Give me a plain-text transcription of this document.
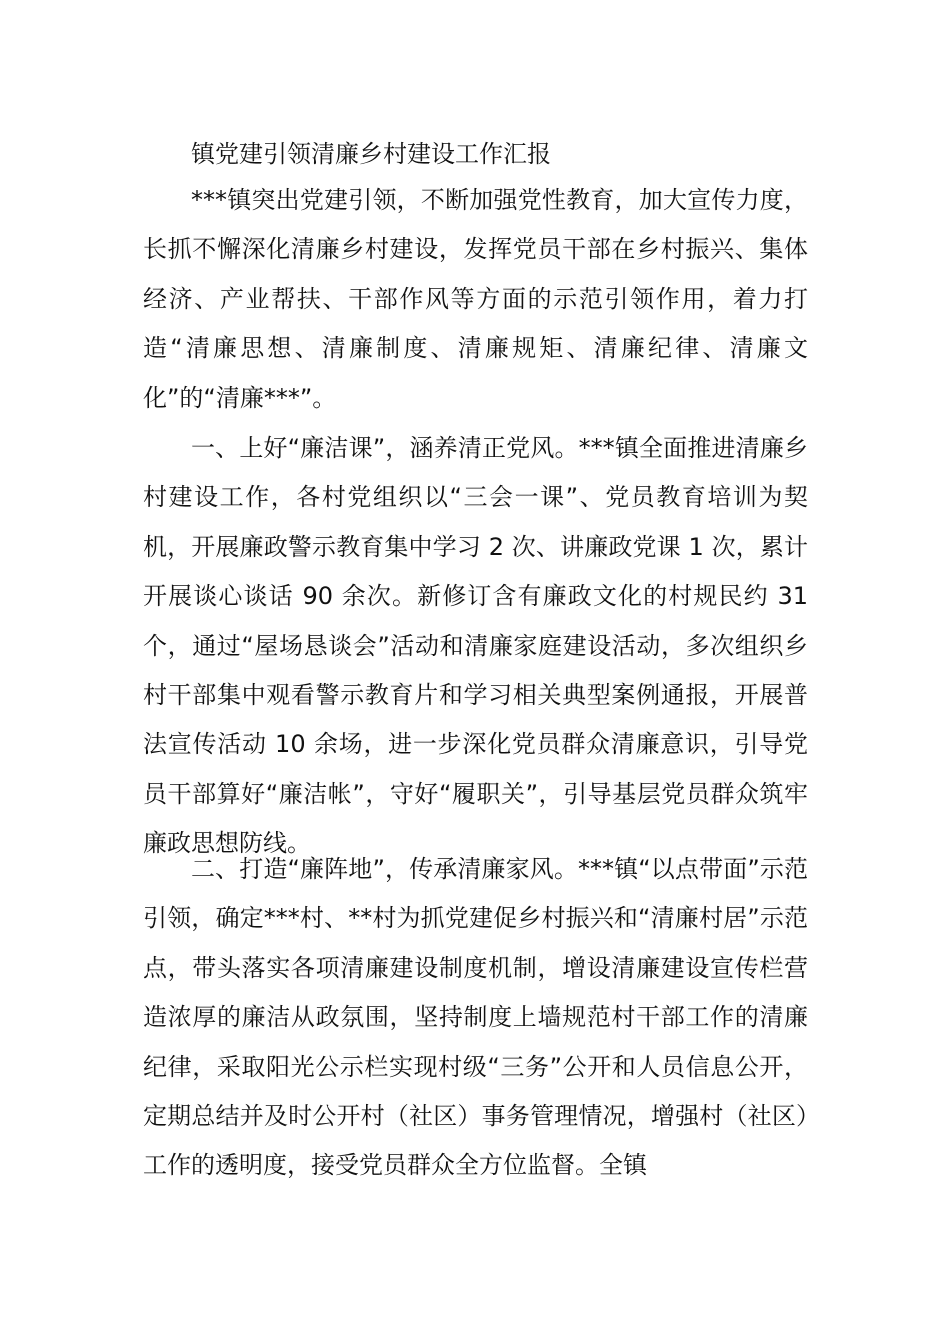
镇党建引领清廉乡村建设工作汇报

***镇突出党建引领，不断加强党性教育，加大宣传力度，长抓不懈深化清廉乡村建设，发挥党员干部在乡村振兴、集体经济、产业帮扶、干部作风等方面的示范引领作用，着力打造“清廉思想、清廉制度、清廉规矩、清廉纪律、清廉文化”的“清廉***”。

一、上好“廉洁课”，涵养清正党风。***镇全面推进清廉乡村建设工作，各村党组织以“三会一课”、党员教育培训为契机，开展廉政警示教育集中学习 2 次、讲廉政党课 1 次，累计开展谈心谈话 90 余次。新修订含有廉政文化的村规民约 31 个，通过“屋场恳谈会”活动和清廉家庭建设活动，多次组织乡村干部集中观看警示教育片和学习相关典型案例通报，开展普法宣传活动 10 余场，进一步深化党员群众清廉意识，引导党员干部算好“廉洁帐”，守好“履职关”，引导基层党员群众筑牢廉政思想防线。

二、打造“廉阵地”，传承清廉家风。***镇“以点带面”示范引领，确定***村、**村为抓党建促乡村振兴和“清廉村居”示范点，带头落实各项清廉建设制度机制，增设清廉建设宣传栏营造浓厚的廉洁从政氛围，坚持制度上墙规范村干部工作的清廉纪律，采取阳光公示栏实现村级“三务”公开和人员信息公开，定期总结并及时公开村（社区）事务管理情况，增强村（社区）工作的透明度，接受党员群众全方位监督。全镇
